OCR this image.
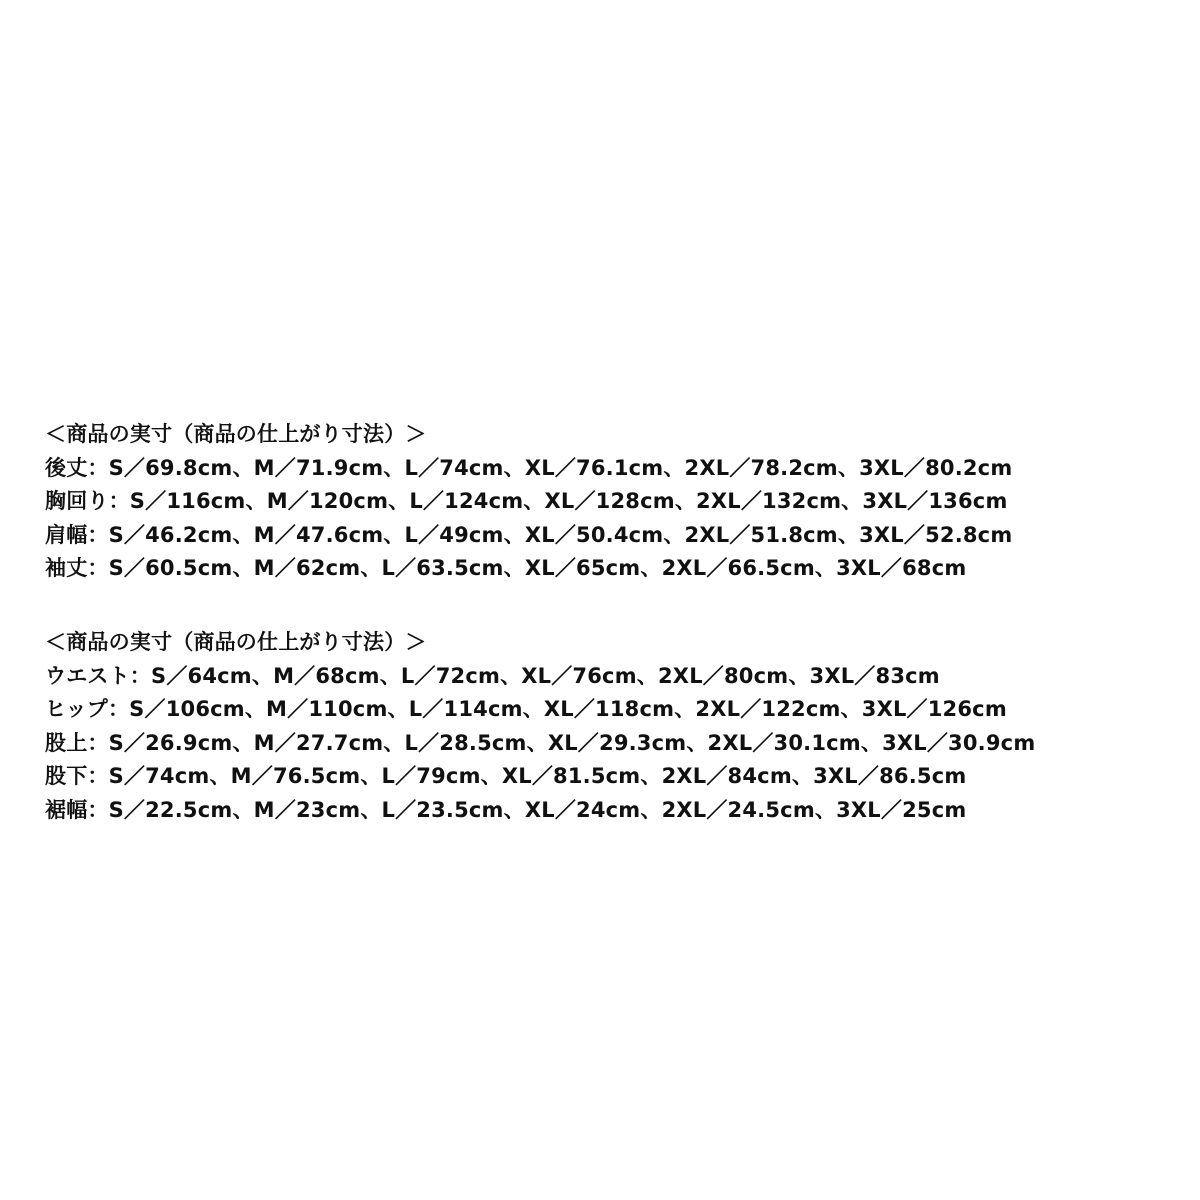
＜商品の実寸（商品の仕上がり寸法）＞
後丈：S／69.8cm、M／71.9cm、L／74cm、XL／76.1cm、2XL／78.2cm、3XL／80.2cm
胸回り：S／116cm、M／120cm、L／124cm、XL／128cm、2XL／132cm、3XL／136cm
肩幅：S／46.2cm、M／47.6cm、L／49cm、XL／50.4cm、2XL／51.8cm、3XL／52.8cm
袖丈：S／60.5cm、M／62cm、L／63.5cm、XL／65cm、2XL／66.5cm、3XL／68cm
＜商品の実寸（商品の仕上がり寸法）＞
ウエスト：S／64cm、M／68cm、L／72cm、XL／76cm、2XL／80cm、3XL／83cm
ヒップ：S／106cm、M／110cm、L／114cm、XL／118cm、2XL／122cm、3XL／126cm
股上：S／26.9cm、M／27.7cm、L／28.5cm、XL／29.3cm、2XL／30.1cm、3XL／30.9cm
股下：S／74cm、M／76.5cm、L／79cm、XL／81.5cm、2XL／84cm、3XL／86.5cm
裾幅：S／22.5cm、M／23cm、L／23.5cm、XL／24cm、2XL／24.5cm、3XL／25cm
